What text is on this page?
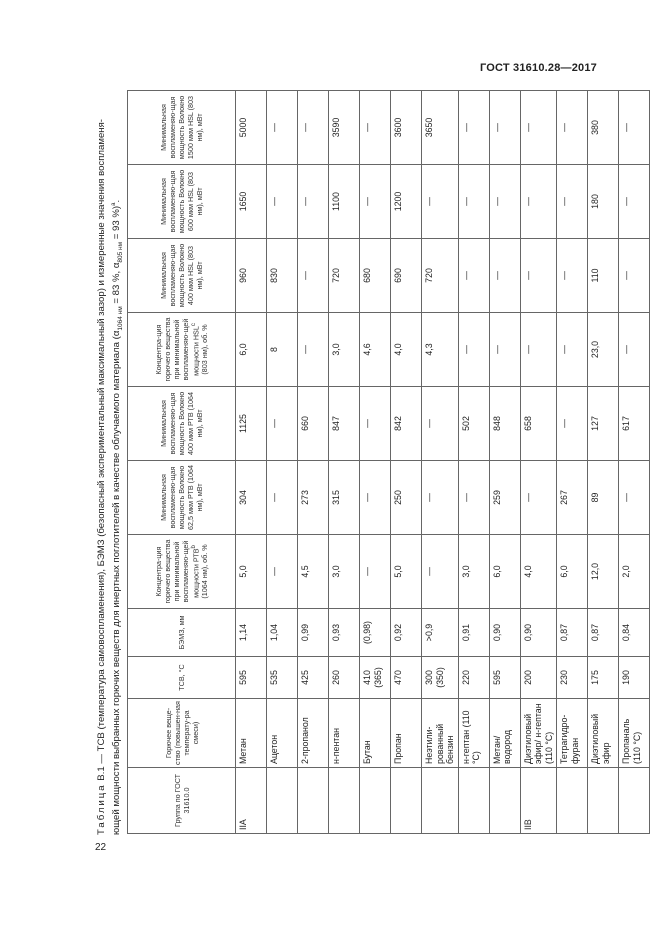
ГОСТ 31610.28—2017
Таблица В.1 — ТСВ (температура самовоспламенения), БЭМЗ (безопасный экспериментальный максимальный зазор) и измеренные значения воспламеня- ющей мощности выбранных горючих веществ для инертных поглотителей в качестве облучаемого материала ($\alpha_{1064 нм} = 83$ %, $\alpha_{805 нм} = 93$ %)$^а$.
Группа по ГОСТ 31610.0	Горючее веще-ство (повышен-ная температу-ра смеси)	ТСВ, °С	БЭМЗ, мм	Концентра-ция горючего вещества при минимальной воспламеняю-щей мощности РТВ$^b$ (1064 нм), об. %	Минимальная воспламеняю-щая мощность Волокно 62,5 мкм РТВ (1064 нм), мВт	Минимальная воспламеняю-щая мощность Волокно 400 мкм РТВ (1064 нм), мВт	Концентра-ция горючего вещества при минимальной воспламеняю-щей мощности HSL$^c$ (803 нм), об. %	Минимальная воспламеняю-щая мощность Волокно 400 мкм HSL (803 нм), мВт	Минимальная воспламеняю-щая мощность Волокно 600 мкм HSL (803 нм), мВт	Минимальная воспламеняю-щая мощность Волокно 1500 мкм HSL (803 нм), мВт
IIA	Метан	595	1,14	5,0	304	1125	6,0	960	1650	5000
	Ацетон	535	1,04	—	—	—	8	830	—	—
	2-пропанол	425	0,99	4,5	273	660	—	—	—	—
	н-пентан	260	0,93	3,0	315	847	3,0	720	1100	3590
	Бутан	410 (365)	(0,98)	—	—	—	4,6	680	—	—
	Пропан	470	0,92	5,0	250	842	4,0	690	1200	3600
	Неэтили-рованный бензин	300 (350)	>0,9	—	—	—	4,3	720	—	3650
	н-гептан (110 °C)	220	0,91	3,0	—	502	—	—	—	—
	Метан/ водород	595	0,90	6,0	259	848	—	—	—	—
IIB	Диэтиловый эфир/ н-гептан (110 °C)	200	0,90	4,0	—	658	—	—	—	—
	Тетрагидро-фуран	230	0,87	6,0	267	—	—	—	—	—
	Диэтиловый эфир	175	0,87	12,0	89	127	23,0	110	180	380
	Пропаналь (110 °C)	190	0,84	2,0	—	617	—	—	—	—
22
